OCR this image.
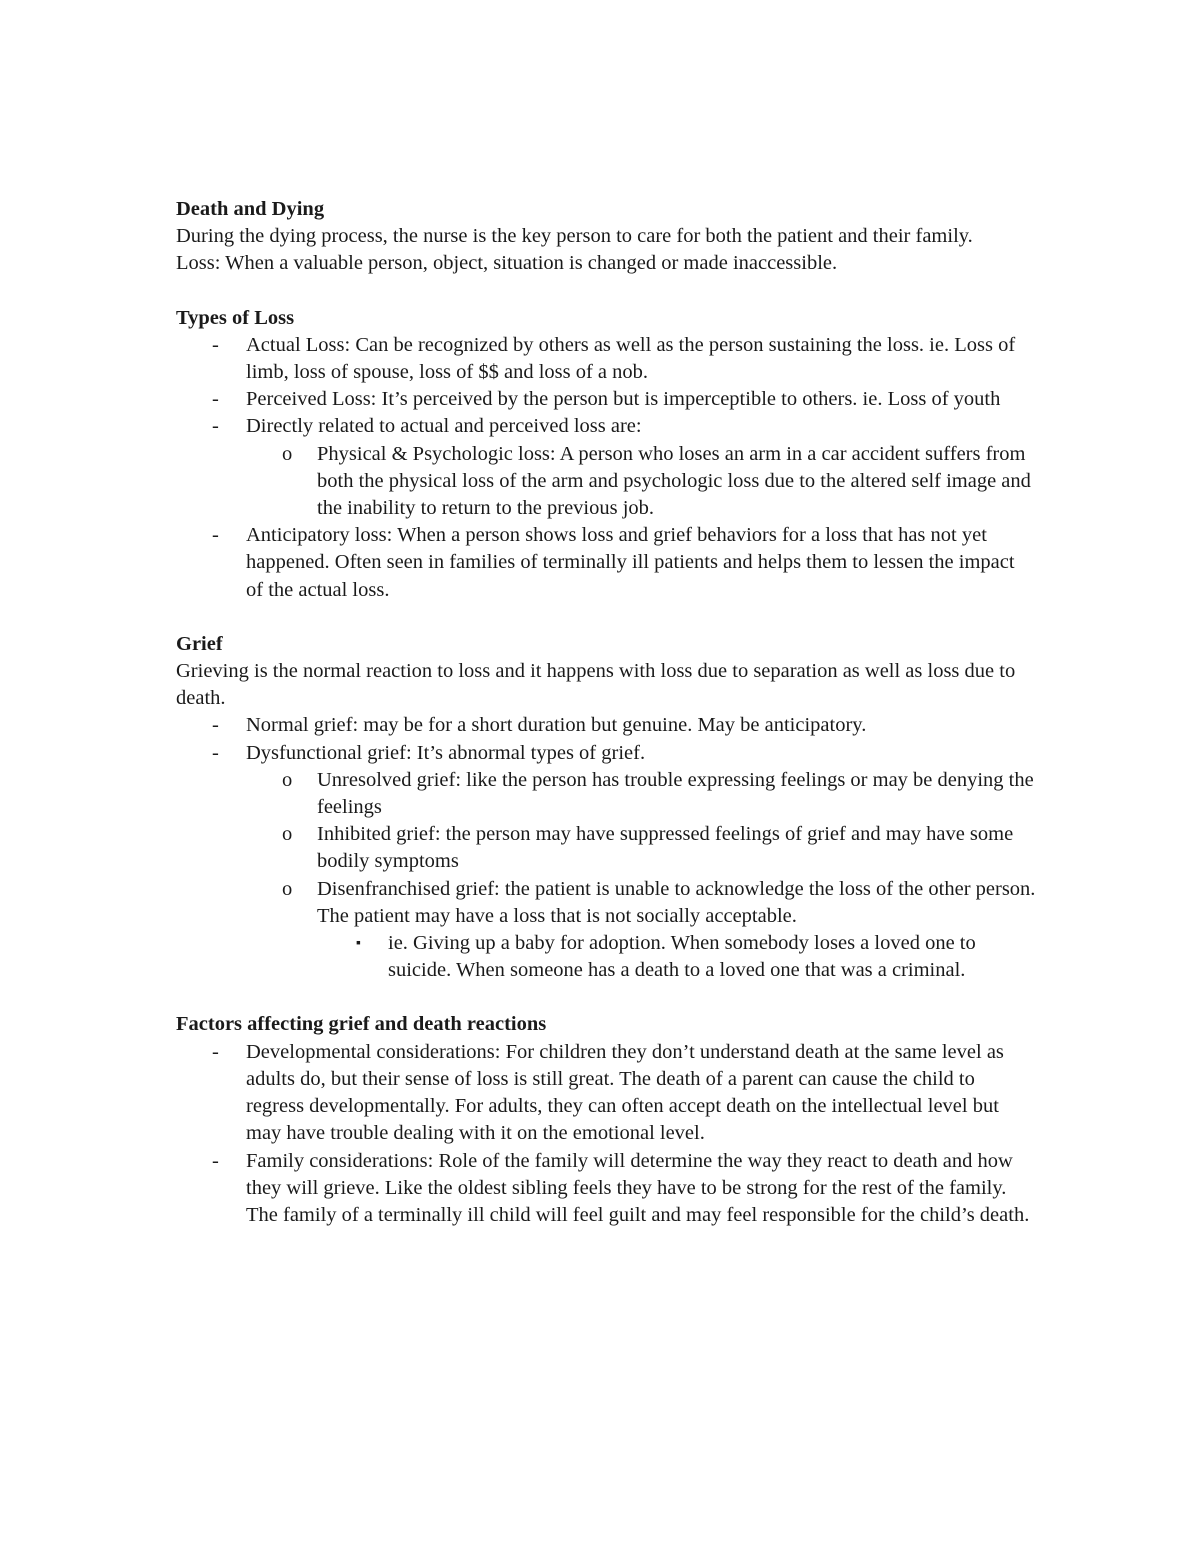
Death and Dying

During the dying process, the nurse is the key person to care for both the patient and their family.

Loss: When a valuable person, object, situation is changed or made inaccessible.

Types of Loss

- Actual Loss: Can be recognized by others as well as the person sustaining the loss. ie. Loss of limb, loss of spouse, loss of $$ and loss of a nob.
- Perceived Loss: It’s perceived by the person but is imperceptible to others. ie. Loss of youth
- Directly related to actual and perceived loss are:
o Physical & Psychologic loss: A person who loses an arm in a car accident suffers from both the physical loss of the arm and psychologic loss due to the altered self image and the inability to return to the previous job.
- Anticipatory loss: When a person shows loss and grief behaviors for a loss that has not yet happened. Often seen in families of terminally ill patients and helps them to lessen the impact of the actual loss.

Grief

Grieving is the normal reaction to loss and it happens with loss due to separation as well as loss due to death.

- Normal grief: may be for a short duration but genuine. May be anticipatory.
- Dysfunctional grief: It’s abnormal types of grief.
o Unresolved grief: like the person has trouble expressing feelings or may be denying the feelings
o Inhibited grief: the person may have suppressed feelings of grief and may have some bodily symptoms
o Disenfranchised grief: the patient is unable to acknowledge the loss of the other person. The patient may have a loss that is not socially acceptable.
▪ ie. Giving up a baby for adoption. When somebody loses a loved one to suicide. When someone has a death to a loved one that was a criminal.

Factors affecting grief and death reactions

- Developmental considerations: For children they don’t understand death at the same level as adults do, but their sense of loss is still great. The death of a parent can cause the child to regress developmentally. For adults, they can often accept death on the intellectual level but may have trouble dealing with it on the emotional level.
- Family considerations: Role of the family will determine the way they react to death and how they will grieve. Like the oldest sibling feels they have to be strong for the rest of the family. The family of a terminally ill child will feel guilt and may feel responsible for the child’s death.
